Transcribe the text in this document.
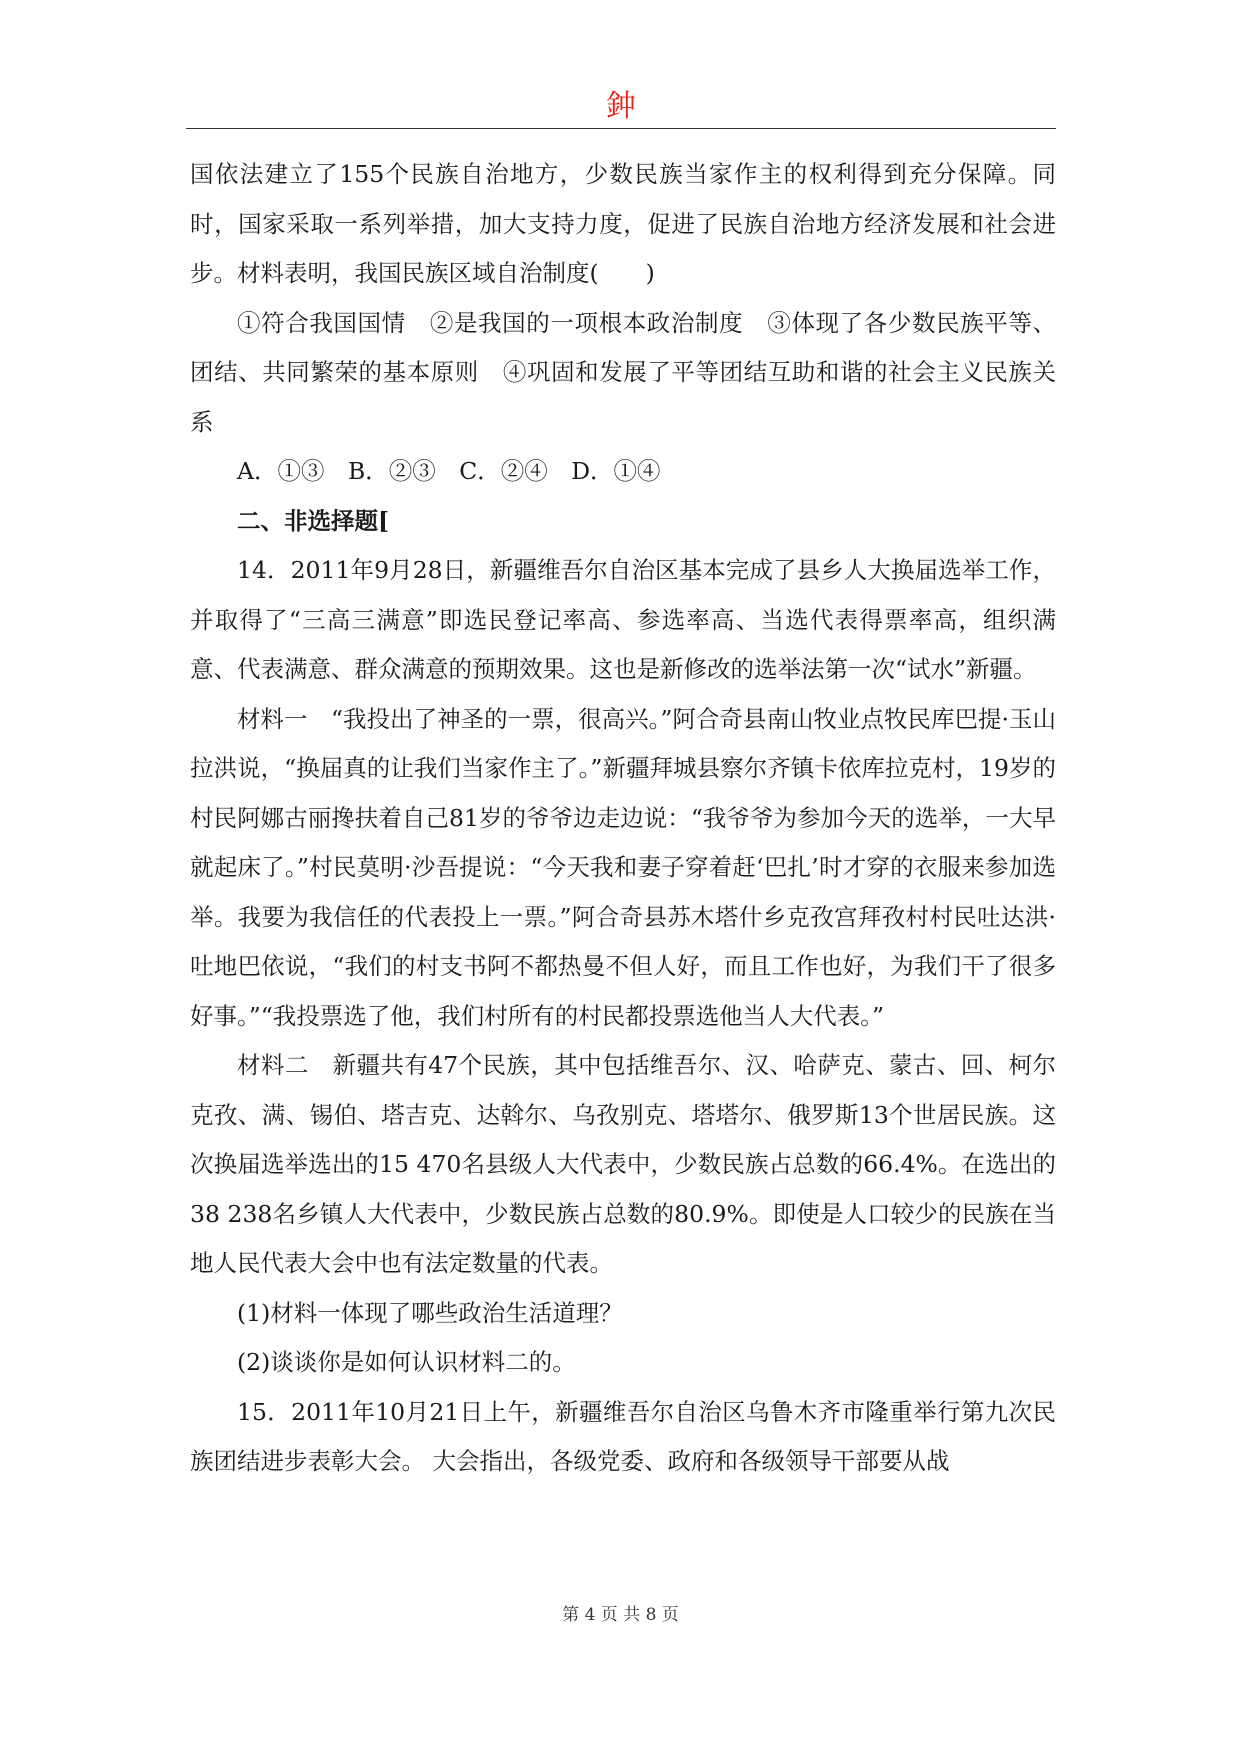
鈡

国依法建立了155个民族自治地方，少数民族当家作主的权利得到充分保障。同时，国家采取一系列举措，加大支持力度，促进了民族自治地方经济发展和社会进步。材料表明，我国民族区域自治制度(　　)

①符合我国国情　②是我国的一项根本政治制度　③体现了各少数民族平等、团结、共同繁荣的基本原则　④巩固和发展了平等团结互助和谐的社会主义民族关系

A．①③　B．②③　C．②④　D．①④

二、非选择题[

14．2011年9月28日，新疆维吾尔自治区基本完成了县乡人大换届选举工作，并取得了“三高三满意”即选民登记率高、参选率高、当选代表得票率高，组织满意、代表满意、群众满意的预期效果。这也是新修改的选举法第一次“试水”新疆。

材料一　“我投出了神圣的一票，很高兴。”阿合奇县南山牧业点牧民库巴提·玉山拉洪说，“换届真的让我们当家作主了。”新疆拜城县察尔齐镇卡依库拉克村，19岁的村民阿娜古丽搀扶着自己81岁的爷爷边走边说：“我爷爷为参加今天的选举，一大早就起床了。”村民莫明·沙吾提说：“今天我和妻子穿着赶‘巴扎’时才穿的衣服来参加选举。我要为我信任的代表投上一票。”阿合奇县苏木塔什乡克孜宫拜孜村村民吐达洪·吐地巴依说，“我们的村支书阿不都热曼不但人好，而且工作也好，为我们干了很多好事。”“我投票选了他，我们村所有的村民都投票选他当人大代表。”

材料二　新疆共有47个民族，其中包括维吾尔、汉、哈萨克、蒙古、回、柯尔克孜、满、锡伯、塔吉克、达斡尔、乌孜别克、塔塔尔、俄罗斯13个世居民族。这次换届选举选出的15 470名县级人大代表中，少数民族占总数的66.4%。在选出的38 238名乡镇人大代表中，少数民族占总数的80.9%。即使是人口较少的民族在当地人民代表大会中也有法定数量的代表。

(1)材料一体现了哪些政治生活道理？

(2)谈谈你是如何认识材料二的。

15．2011年10月21日上午，新疆维吾尔自治区乌鲁木齐市隆重举行第九次民族团结进步表彰大会。 大会指出，各级党委、政府和各级领导干部要从战

第 4 页 共 8 页
